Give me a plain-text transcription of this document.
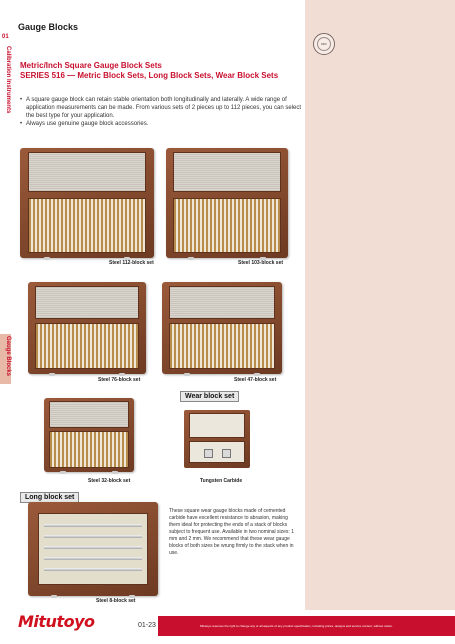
01
Calibration Instruments
Gauge Blocks
ISO
Gauge Blocks
Metric/Inch Square Gauge Block Sets
SERIES 516 — Metric Block Sets, Long Block Sets, Wear Block Sets
• A square gauge block can retain stable orientation both longitudinally and laterally. A wide range of application measurements can be made. From various sets of 2 pieces up to 112 pieces, you can select the best type for your application.
• Always use genuine gauge block accessories.
Steel 112-block set	Steel 103-block set
Steel 76-block set	Steel 47-block set
Wear block set
Steel 32-block set	Tungsten Carbide
Long block set
Steel 8-block set
These square wear gauge blocks made of cemented carbide have excellent resistance to abrasion, making them ideal for protecting the ends of a stack of blocks subject to frequent use. Available in two nominal sizes: 1 mm and 2 mm. We recommend that these wear gauge blocks of both sizes be wrung firmly to the stack when in use.
Mitutoyo	01-23	Mitutoyo reserves the right to change any or all aspects of any product specification, including prices, designs and service content, without notice.
